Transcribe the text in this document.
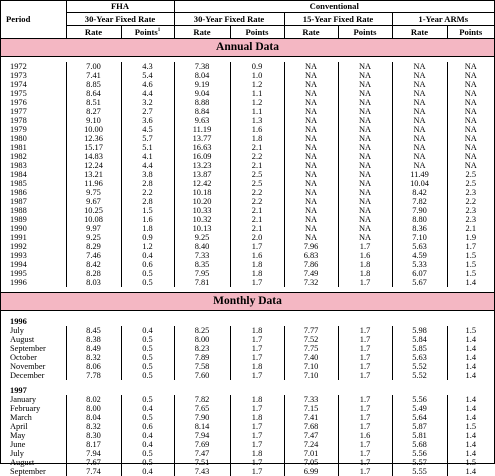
Period	FHA		Conventional					
	30-Year Fixed Rate		30-Year Fixed Rate		15-Year Fixed Rate		1-Year ARMs	
	Rate	Points$^1$	Rate	Points	Rate	Points	Rate	Points
Annual Data								

1972	7.00	4.3	7.38	0.9	NA	NA	NA	NA
1973	7.41	5.4	8.04	1.0	NA	NA	NA	NA
1974	8.85	4.6	9.19	1.2	NA	NA	NA	NA
1975	8.64	4.4	9.04	1.1	NA	NA	NA	NA
1976	8.51	3.2	8.88	1.2	NA	NA	NA	NA
1977	8.27	2.7	8.84	1.1	NA	NA	NA	NA
1978	9.10	3.6	9.63	1.3	NA	NA	NA	NA
1979	10.00	4.5	11.19	1.6	NA	NA	NA	NA
1980	12.36	5.7	13.77	1.8	NA	NA	NA	NA
1981	15.17	5.1	16.63	2.1	NA	NA	NA	NA
1982	14.83	4.1	16.09	2.2	NA	NA	NA	NA
1983	12.24	4.4	13.23	2.1	NA	NA	NA	NA
1984	13.21	3.8	13.87	2.5	NA	NA	11.49	2.5
1985	11.96	2.8	12.42	2.5	NA	NA	10.04	2.5
1986	9.75	2.2	10.18	2.2	NA	NA	8.42	2.3
1987	9.67	2.8	10.20	2.2	NA	NA	7.82	2.2
1988	10.25	1.5	10.33	2.1	NA	NA	7.90	2.3
1989	10.08	1.6	10.32	2.1	NA	NA	8.80	2.3
1990	9.97	1.8	10.13	2.1	NA	NA	8.36	2.1
1991	9.25	0.9	9.25	2.0	NA	NA	7.10	1.9
1992	8.29	1.2	8.40	1.7	7.96	1.7	5.63	1.7
1993	7.46	0.4	7.33	1.6	6.83	1.6	4.59	1.5
1994	8.42	0.6	8.35	1.8	7.86	1.8	5.33	1.5
1995	8.28	0.5	7.95	1.8	7.49	1.8	6.07	1.5
1996	8.03	0.5	7.81	1.7	7.32	1.7	5.67	1.4

Monthly Data								

1996								
July	8.45	0.4	8.25	1.8	7.77	1.7	5.98	1.5
August	8.38	0.5	8.00	1.7	7.52	1.7	5.84	1.4
September	8.49	0.5	8.23	1.7	7.75	1.7	5.85	1.4
October	8.32	0.5	7.89	1.7	7.40	1.7	5.63	1.4
November	8.06	0.5	7.58	1.8	7.10	1.7	5.52	1.4
December	7.78	0.5	7.60	1.7	7.10	1.7	5.52	1.4

1997								
January	8.02	0.5	7.82	1.8	7.33	1.7	5.56	1.4
February	8.00	0.4	7.65	1.7	7.15	1.7	5.49	1.4
March	8.04	0.5	7.90	1.8	7.41	1.7	5.64	1.4
April	8.32	0.6	8.14	1.7	7.68	1.7	5.87	1.5
May	8.30	0.4	7.94	1.7	7.47	1.6	5.81	1.4
June	8.17	0.4	7.69	1.7	7.24	1.7	5.68	1.4
July	7.94	0.5	7.47	1.8	7.01	1.7	5.56	1.4
August	7.67	0.5	7.51	1.7	7.05	1.7	5.57	1.5
September	7.74	0.4	7.43	1.7	6.99	1.7	5.55	1.4
